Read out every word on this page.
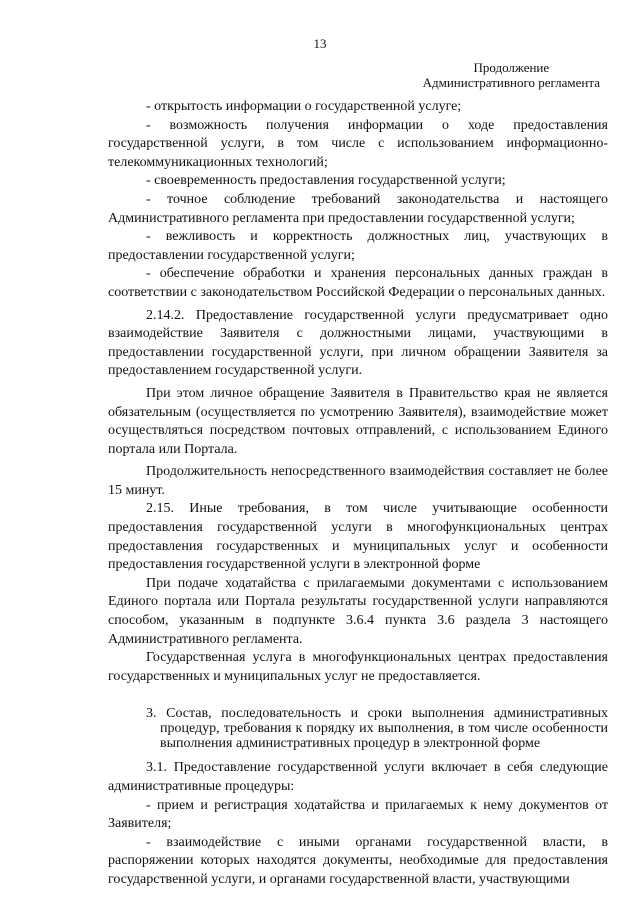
13
Продолжение
Административного регламента

- открытость информации о государственной услуге;

- возможность получения информации о ходе предоставления государственной услуги, в том числе с использованием информационно-телекоммуникационных технологий;

- своевременность предоставления государственной услуги;

- точное соблюдение требований законодательства и настоящего Административного регламента при предоставлении государственной услуги;

- вежливость и корректность должностных лиц, участвующих в предоставлении государственной услуги;

- обеспечение обработки и хранения персональных данных граждан в соответствии с законодательством Российской Федерации о персональных данных.

2.14.2. Предоставление государственной услуги предусматривает одно взаимодействие Заявителя с должностными лицами, участвующими в предоставлении государственной услуги, при личном обращении Заявителя за предоставлением государственной услуги.

При этом личное обращение Заявителя в Правительство края не является обязательным (осуществляется по усмотрению Заявителя), взаимодействие может осуществляться посредством почтовых отправлений, с использованием Единого портала или Портала.

Продолжительность непосредственного взаимодействия составляет не более 15 минут.

2.15. Иные требования, в том числе учитывающие особенности предоставления государственной услуги в многофункциональных центрах предоставления государственных и муниципальных услуг и особенности предоставления государственной услуги в электронной форме

При подаче ходатайства с прилагаемыми документами с использованием Единого портала или Портала результаты государственной услуги направляются способом, указанным в подпункте 3.6.4 пункта 3.6 раздела 3 настоящего Административного регламента.

Государственная услуга в многофункциональных центрах предоставления государственных и муниципальных услуг не предоставляется.

3. Состав, последовательность и сроки выполнения административных процедур, требования к порядку их выполнения, в том числе особенности выполнения административных процедур в электронной форме

3.1. Предоставление государственной услуги включает в себя следующие административные процедуры:

- прием и регистрация ходатайства и прилагаемых к нему документов от Заявителя;

- взаимодействие с иными органами государственной власти, в распоряжении которых находятся документы, необходимые для предоставления государственной услуги, и органами государственной власти, участвующими
